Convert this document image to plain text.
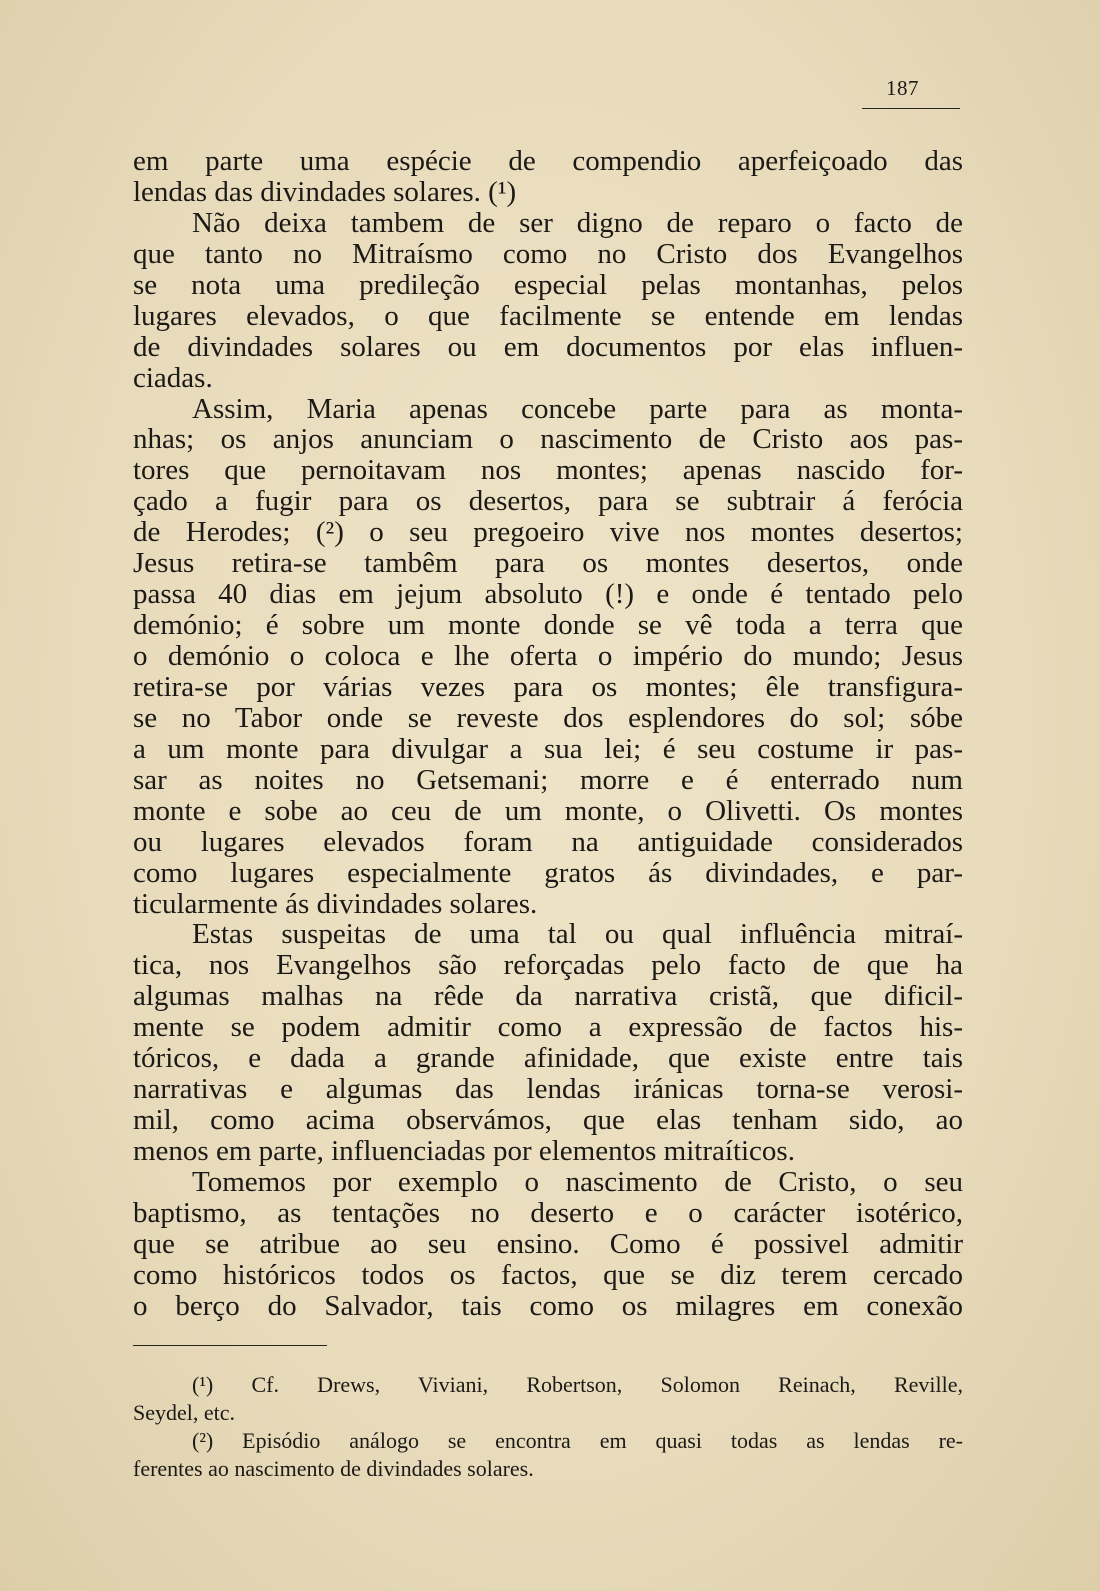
187
em parte uma espécie de compendio aperfeiçoado das
lendas das divindades solares. (¹)
Não deixa tambem de ser digno de reparo o facto de
que tanto no Mitraísmo como no Cristo dos Evangelhos
se nota uma predileção especial pelas montanhas, pelos
lugares elevados, o que facilmente se entende em lendas
de divindades solares ou em documentos por elas influen-
ciadas.
Assim, Maria apenas concebe parte para as monta-
nhas; os anjos anunciam o nascimento de Cristo aos pas-
tores que pernoitavam nos montes; apenas nascido for-
çado a fugir para os desertos, para se subtrair á ferócia
de Herodes; (²) o seu pregoeiro vive nos montes desertos;
Jesus retira-se tambêm para os montes desertos, onde
passa 40 dias em jejum absoluto (!) e onde é tentado pelo
demónio; é sobre um monte donde se vê toda a terra que
o demónio o coloca e lhe oferta o império do mundo; Jesus
retira-se por várias vezes para os montes; êle transfigura-
se no Tabor onde se reveste dos esplendores do sol; sóbe
a um monte para divulgar a sua lei; é seu costume ir pas-
sar as noites no Getsemani; morre e é enterrado num
monte e sobe ao ceu de um monte, o Olivetti. Os montes
ou lugares elevados foram na antiguidade considerados
como lugares especialmente gratos ás divindades, e par-
ticularmente ás divindades solares.
Estas suspeitas de uma tal ou qual influência mitraí-
tica, nos Evangelhos são reforçadas pelo facto de que ha
algumas malhas na rêde da narrativa cristã, que dificil-
mente se podem admitir como a expressão de factos his-
tóricos, e dada a grande afinidade, que existe entre tais
narrativas e algumas das lendas iránicas torna-se verosi-
mil, como acima observámos, que elas tenham sido, ao
menos em parte, influenciadas por elementos mitraíticos.
Tomemos por exemplo o nascimento de Cristo, o seu
baptismo, as tentações no deserto e o carácter isotérico,
que se atribue ao seu ensino. Como é possivel admitir
como históricos todos os factos, que se diz terem cercado
o berço do Salvador, tais como os milagres em conexão
(¹) Cf. Drews, Viviani, Robertson, Solomon Reinach, Reville,
Seydel, etc.
(²) Episódio análogo se encontra em quasi todas as lendas re-
ferentes ao nascimento de divindades solares.
